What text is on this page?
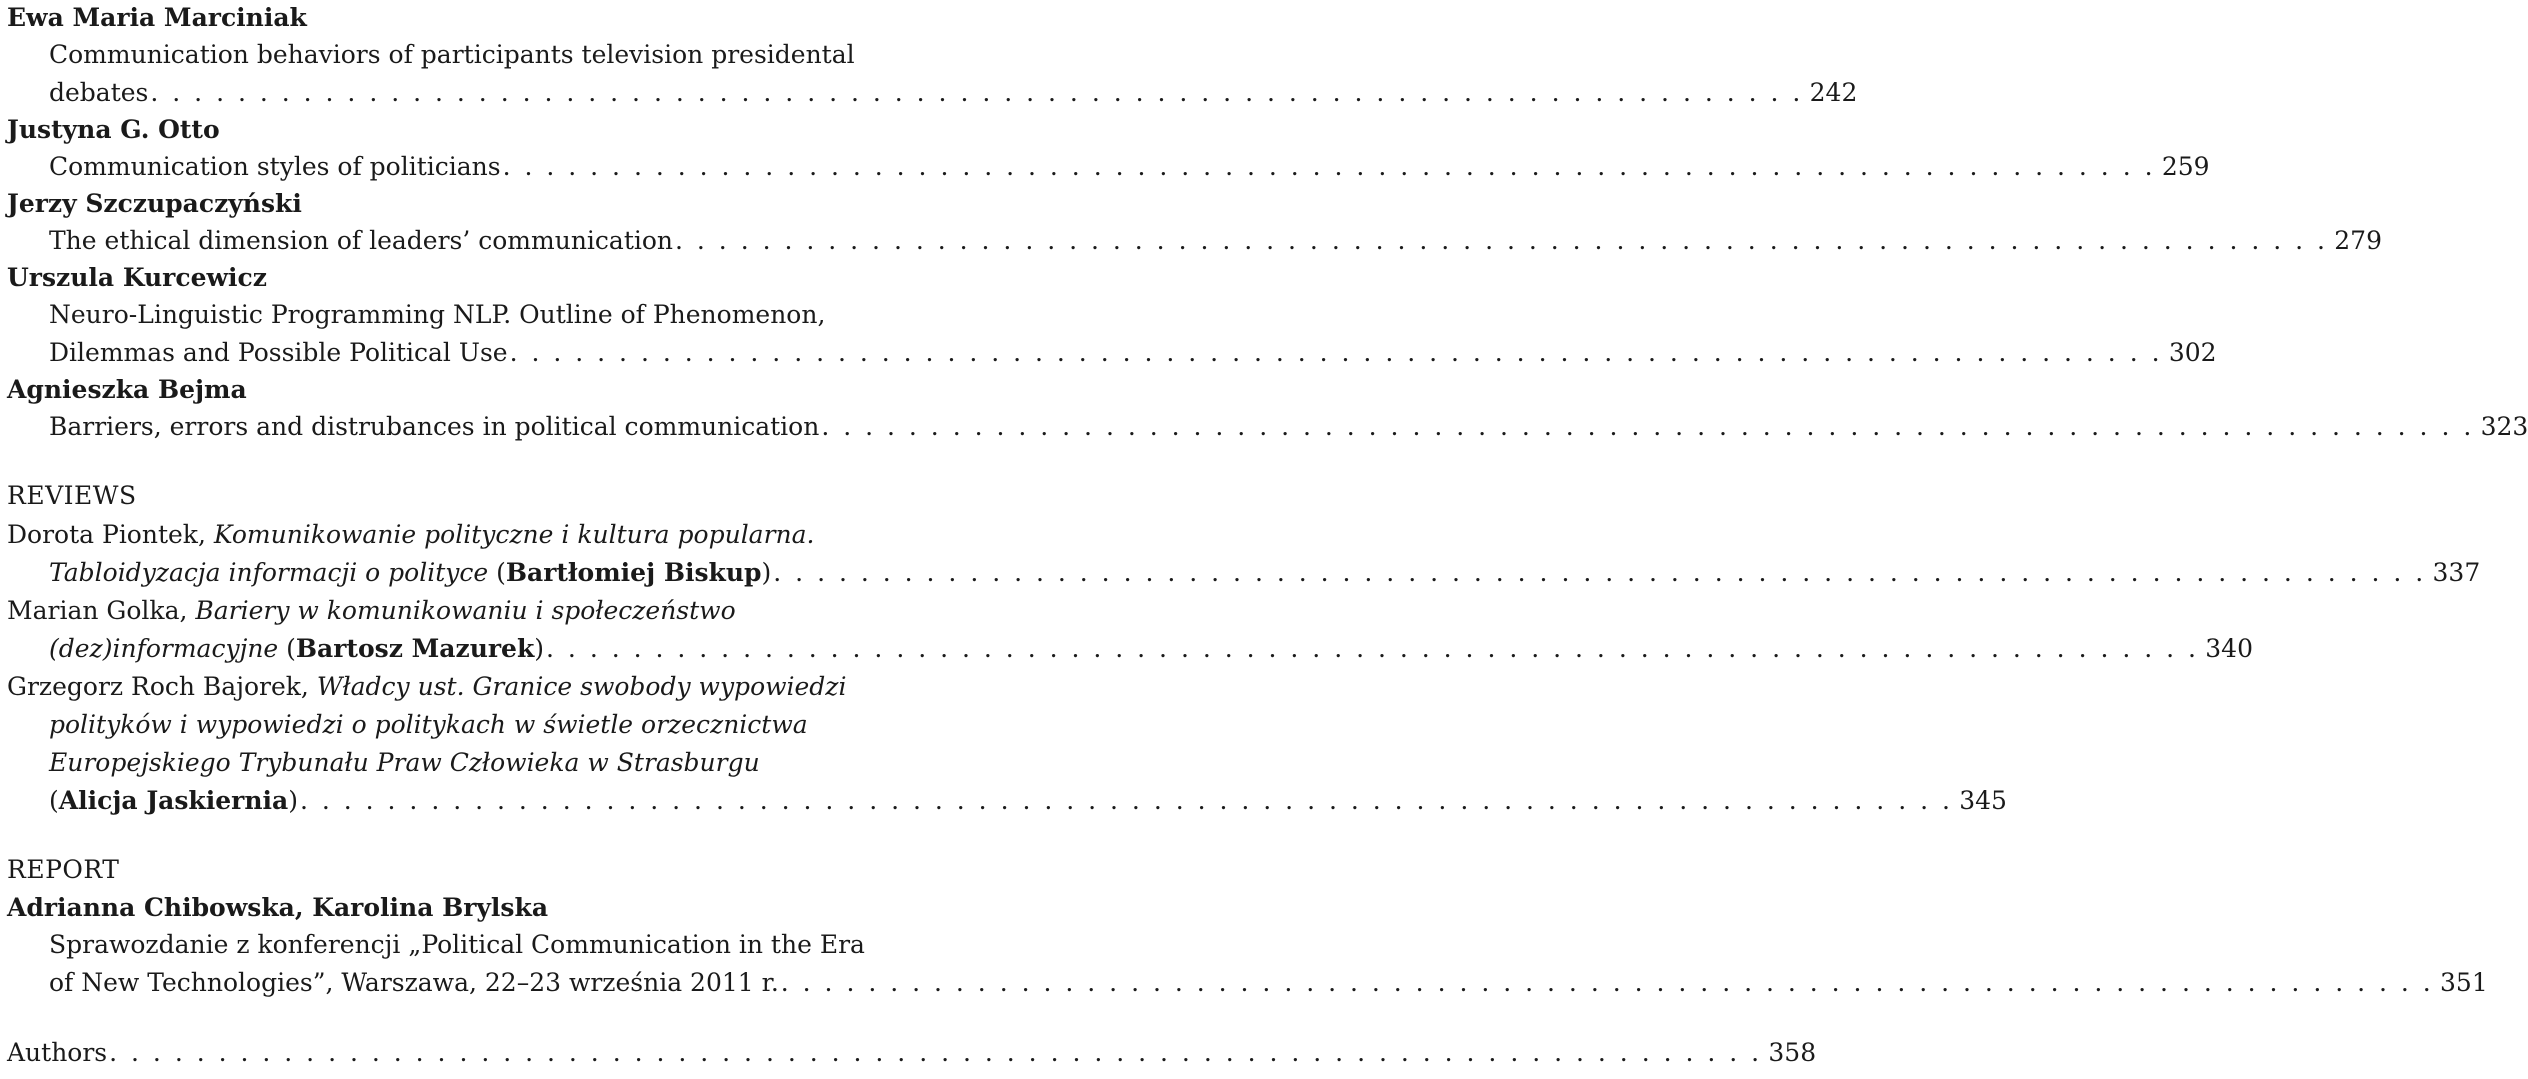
Ewa Maria Marciniak
Communication behaviors of participants television presidental
debates . . . . . . . . . . . . . . . . . . . . . . . . . . . . . . . . . . . . . . . . . . . . . . . . . . . . . . . . . . . . . . . . . . . . . . . . . . . . 242
Justyna G. Otto
Communication styles of politicians . . . . . . . . . . . . . . . . . . . . . . . . . . . . . . . . . . . . . . . . . . . . . . . . . . . . . . . . . . . . . . . . . . . . . . . . . . . . 259
Jerzy Szczupaczyński
The ethical dimension of leaders’ communication . . . . . . . . . . . . . . . . . . . . . . . . . . . . . . . . . . . . . . . . . . . . . . . . . . . . . . . . . . . . . . . . . . . . . . . . . . . . 279
Urszula Kurcewicz
Neuro-Linguistic Programming NLP. Outline of Phenomenon,
Dilemmas and Possible Political Use . . . . . . . . . . . . . . . . . . . . . . . . . . . . . . . . . . . . . . . . . . . . . . . . . . . . . . . . . . . . . . . . . . . . . . . . . . . . 302
Agnieszka Bejma
Barriers, errors and distrubances in political communication . . . . . . . . . . . . . . . . . . . . . . . . . . . . . . . . . . . . . . . . . . . . . . . . . . . . . . . . . . . . . . . . . . . . . . . . . . . . 323
REVIEWS
Dorota Piontek, Komunikowanie polityczne i kultura popularna.
Tabloidyzacja informacji o polityce (Bartłomiej Biskup) . . . . . . . . . . . . . . . . . . . . . . . . . . . . . . . . . . . . . . . . . . . . . . . . . . . . . . . . . . . . . . . . . . . . . . . . . . . . 337
Marian Golka, Bariery w komunikowaniu i społeczeństwo
(dez)informacyjne (Bartosz Mazurek) . . . . . . . . . . . . . . . . . . . . . . . . . . . . . . . . . . . . . . . . . . . . . . . . . . . . . . . . . . . . . . . . . . . . . . . . . . . . 340
Grzegorz Roch Bajorek, Władcy ust. Granice swobody wypowiedzi
polityków i wypowiedzi o politykach w świetle orzecznictwa
Europejskiego Trybunału Praw Człowieka w Strasburgu
(Alicja Jaskiernia) . . . . . . . . . . . . . . . . . . . . . . . . . . . . . . . . . . . . . . . . . . . . . . . . . . . . . . . . . . . . . . . . . . . . . . . . . . . . 345
REPORT
Adrianna Chibowska, Karolina Brylska
Sprawozdanie z konferencji „Political Communication in the Era
of New Technologies”, Warszawa, 22–23 września 2011 r. . . . . . . . . . . . . . . . . . . . . . . . . . . . . . . . . . . . . . . . . . . . . . . . . . . . . . . . . . . . . . . . . . . . . . . . . . . . . 351
Authors . . . . . . . . . . . . . . . . . . . . . . . . . . . . . . . . . . . . . . . . . . . . . . . . . . . . . . . . . . . . . . . . . . . . . . . . . . . . 358
